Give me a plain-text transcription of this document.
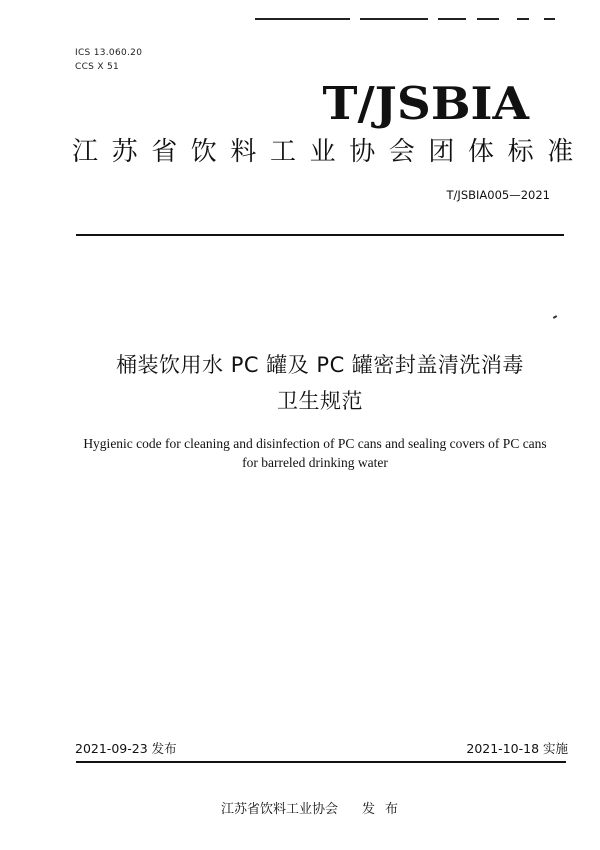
ICS 13.060.20
CCS X 51
T/JSBIA
江苏省饮料工业协会团体标准
T/JSBIA005—2021
桶装饮用水 PC 罐及 PC 罐密封盖清洗消毒
卫生规范
Hygienic code for cleaning and disinfection of PC cans and sealing covers of PC cans
for barreled drinking water
2021-09-23 发布	2021-10-18 实施
江苏省饮料工业协会 发布
